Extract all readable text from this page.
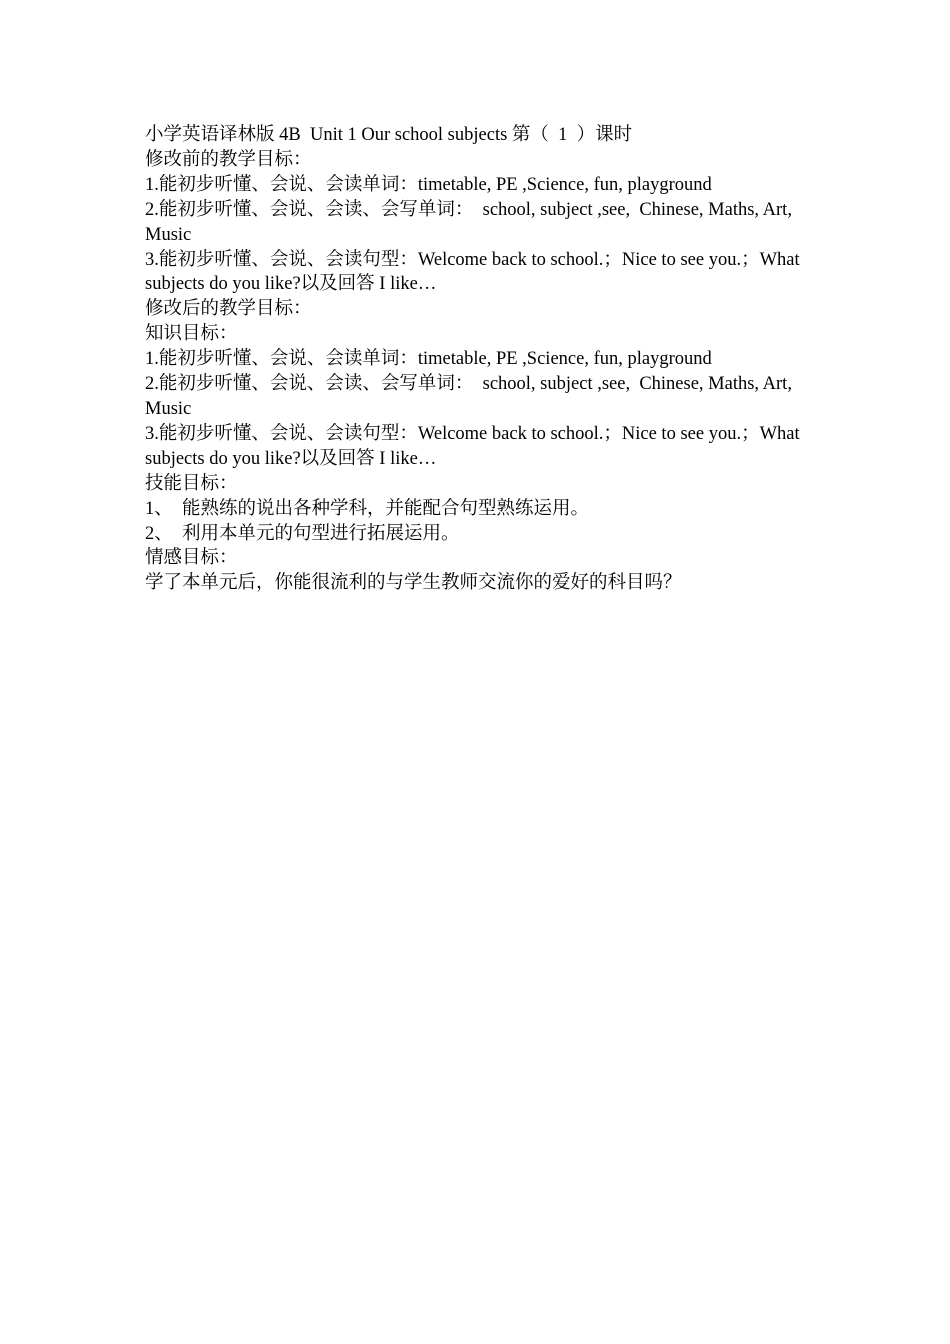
小学英语译林版 4B  Unit 1 Our school subjects 第（  1  ）课时

修改前的教学目标：

1.能初步听懂、会说、会读单词：timetable, PE ,Science, fun, playground

2.能初步听懂、会说、会读、会写单词：  school, subject ,see,  Chinese, Maths, Art, Music

3.能初步听懂、会说、会读句型：Welcome back to school.；Nice to see you.；What subjects do you like?以及回答 I like…

修改后的教学目标：

知识目标：

1.能初步听懂、会说、会读单词：timetable, PE ,Science, fun, playground

2.能初步听懂、会说、会读、会写单词：  school, subject ,see,  Chinese, Maths, Art, Music

3.能初步听懂、会说、会读句型：Welcome back to school.；Nice to see you.；What subjects do you like?以及回答 I like…

技能目标：

1、  能熟练的说出各种学科，并能配合句型熟练运用。

2、  利用本单元的句型进行拓展运用。

情感目标：

学了本单元后，你能很流利的与学生教师交流你的爱好的科目吗？
